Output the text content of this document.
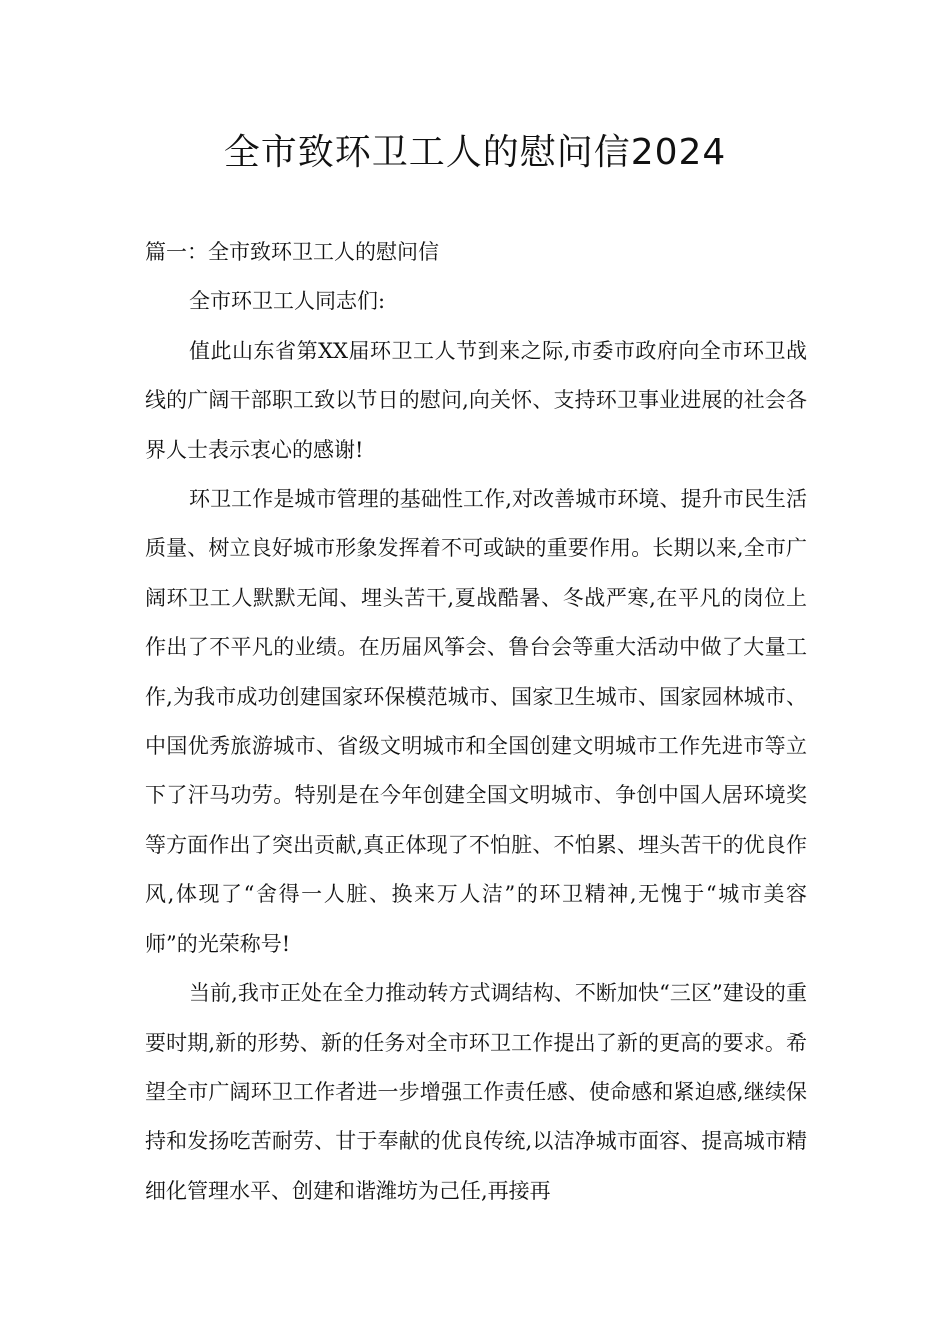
全市致环卫工人的慰问信2024

篇一：全市致环卫工人的慰问信

全市环卫工人同志们:

值此山东省第XX届环卫工人节到来之际,市委市政府向全市环卫战线的广阔干部职工致以节日的慰问,向关怀、支持环卫事业进展的社会各界人士表示衷心的感谢!

环卫工作是城市管理的基础性工作,对改善城市环境、提升市民生活质量、树立良好城市形象发挥着不可或缺的重要作用。长期以来,全市广阔环卫工人默默无闻、埋头苦干,夏战酷暑、冬战严寒,在平凡的岗位上作出了不平凡的业绩。在历届风筝会、鲁台会等重大活动中做了大量工作,为我市成功创建国家环保模范城市、国家卫生城市、国家园林城市、中国优秀旅游城市、省级文明城市和全国创建文明城市工作先进市等立下了汗马功劳。特别是在今年创建全国文明城市、争创中国人居环境奖等方面作出了突出贡献,真正体现了不怕脏、不怕累、埋头苦干的优良作风,体现了“舍得一人脏、换来万人洁”的环卫精神,无愧于“城市美容师”的光荣称号!

当前,我市正处在全力推动转方式调结构、不断加快“三区”建设的重要时期,新的形势、新的任务对全市环卫工作提出了新的更高的要求。希望全市广阔环卫工作者进一步增强工作责任感、使命感和紧迫感,继续保持和发扬吃苦耐劳、甘于奉献的优良传统,以洁净城市面容、提高城市精细化管理水平、创建和谐潍坊为己任,再接再
